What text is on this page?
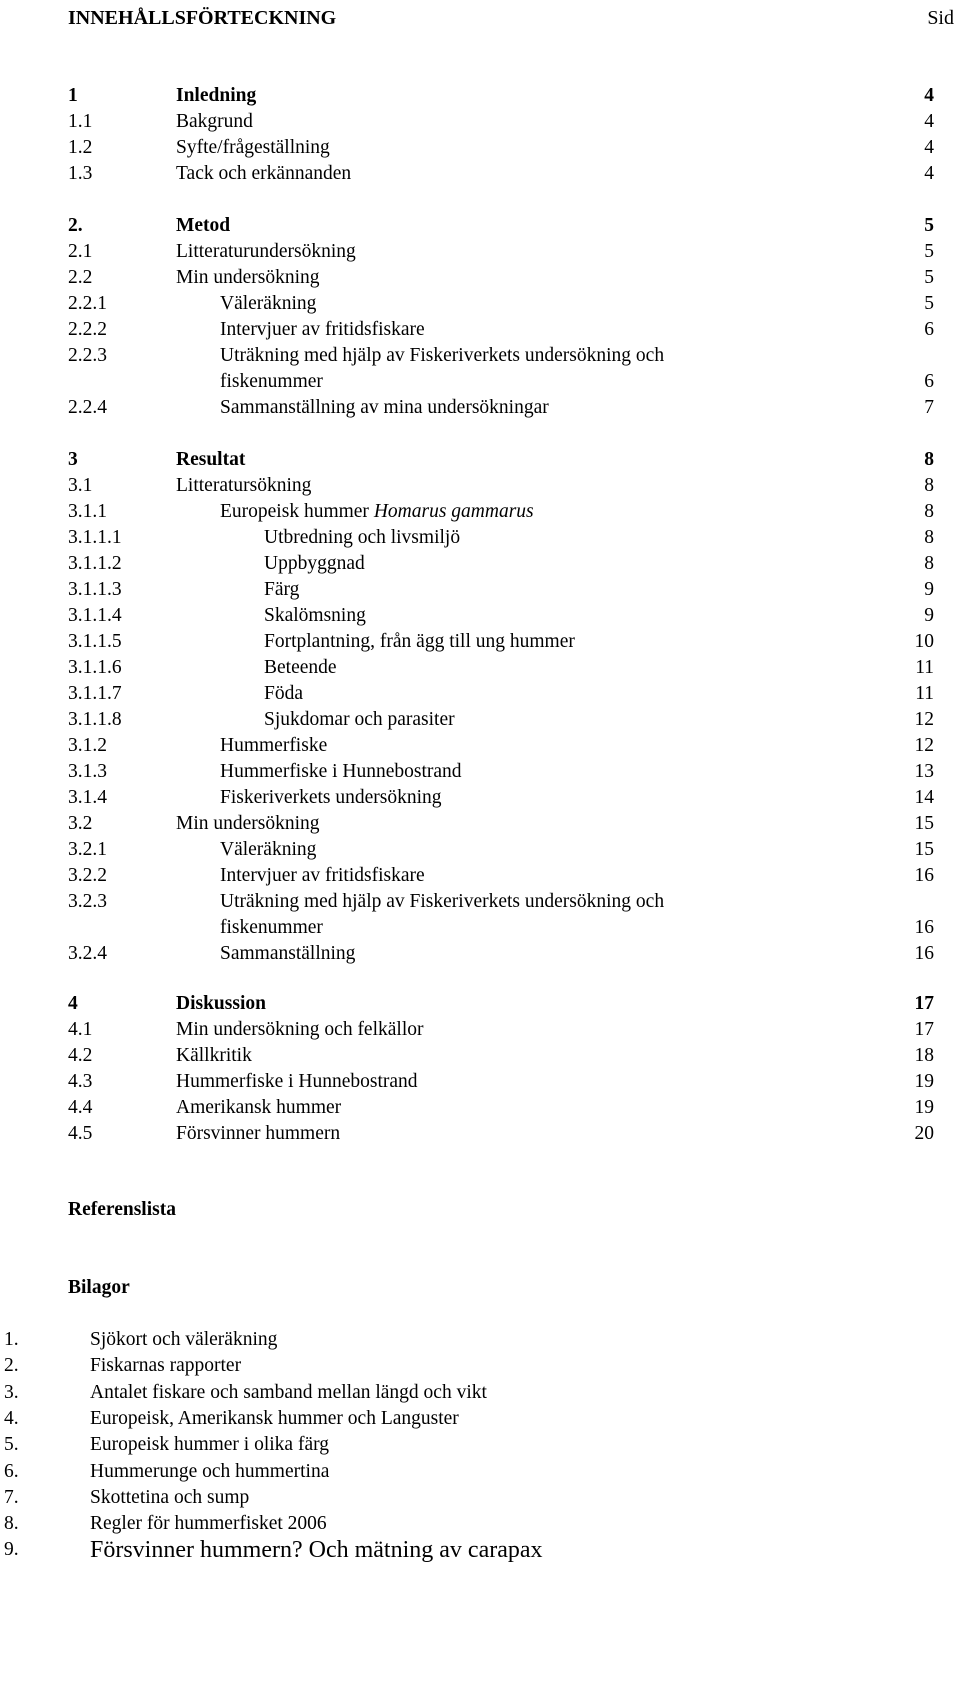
INNEHÅLLSFÖRTECKNING	Sid
1	Inledning	4
1.1	Bakgrund	4
1.2	Syfte/frågeställning	4
1.3	Tack och erkännanden	4
2.	Metod	5
2.1	Litteraturundersökning	5
2.2	Min undersökning	5
2.2.1	Väleräkning	5
2.2.2	Intervjuer av fritidsfiskare	6
2.2.3	Uträkning med hjälp av Fiskeriverkets undersökning och
fiskenummer	6
2.2.4	Sammanställning av mina undersökningar	7
3	Resultat	8
3.1	Litteratursökning	8
3.1.1	Europeisk hummer Homarus gammarus	8
3.1.1.1	Utbredning och livsmiljö	8
3.1.1.2	Uppbyggnad	8
3.1.1.3	Färg	9
3.1.1.4	Skalömsning	9
3.1.1.5	Fortplantning, från ägg till ung hummer	10
3.1.1.6	Beteende	11
3.1.1.7	Föda	11
3.1.1.8	Sjukdomar och parasiter	12
3.1.2	Hummerfiske	12
3.1.3	Hummerfiske i Hunnebostrand	13
3.1.4	Fiskeriverkets undersökning	14
3.2	Min undersökning	15
3.2.1	Väleräkning	15
3.2.2	Intervjuer av fritidsfiskare	16
3.2.3	Uträkning med hjälp av Fiskeriverkets undersökning och
fiskenummer	16
3.2.4	Sammanställning	16
4	Diskussion	17
4.1	Min undersökning och felkällor	17
4.2	Källkritik	18
4.3	Hummerfiske i Hunnebostrand	19
4.4	Amerikansk hummer	19
4.5	Försvinner hummern	20
Referenslista
Bilagor
1.	Sjökort och väleräkning
2.	Fiskarnas rapporter
3.	Antalet fiskare och samband mellan längd och vikt
4.	Europeisk, Amerikansk hummer och Languster
5.	Europeisk hummer i olika färg
6.	Hummerunge och hummertina
7.	Skottetina och sump
8.	Regler för hummerfisket 2006
9.	Försvinner hummern? Och mätning av carapax
